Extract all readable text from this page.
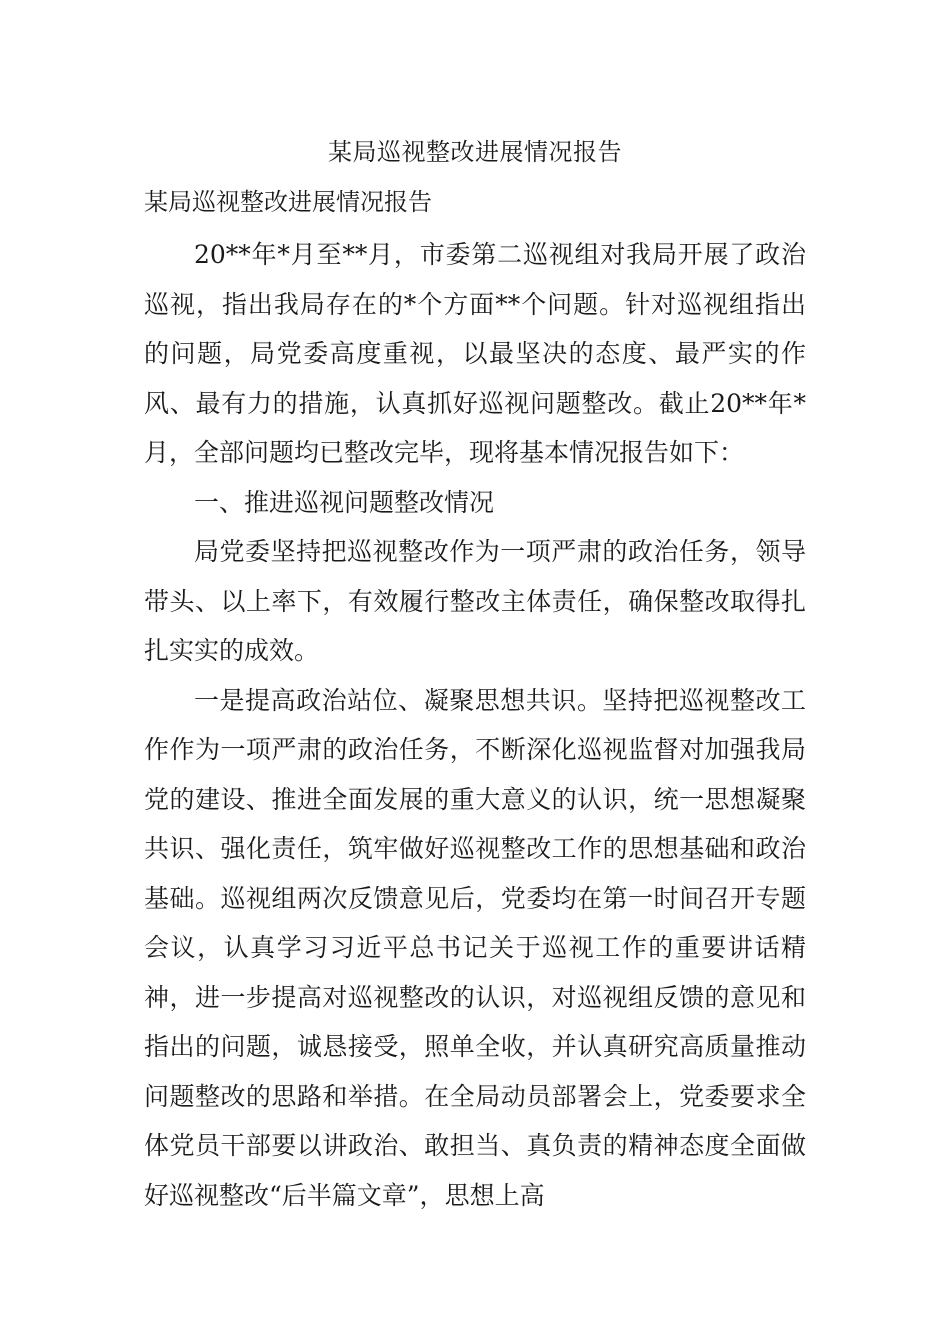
某局巡视整改进展情况报告
某局巡视整改进展情况报告

20**年*月至**月，市委第二巡视组对我局开展了政治巡视，指出我局存在的*个方面**个问题。针对巡视组指出的问题，局党委高度重视，以最坚决的态度、最严实的作风、最有力的措施，认真抓好巡视问题整改。截止20**年*月，全部问题均已整改完毕，现将基本情况报告如下：

一、推进巡视问题整改情况

局党委坚持把巡视整改作为一项严肃的政治任务，领导带头、以上率下，有效履行整改主体责任，确保整改取得扎扎实实的成效。

一是提高政治站位、凝聚思想共识。坚持把巡视整改工作作为一项严肃的政治任务，不断深化巡视监督对加强我局党的建设、推进全面发展的重大意义的认识，统一思想凝聚共识、强化责任，筑牢做好巡视整改工作的思想基础和政治基础。巡视组两次反馈意见后，党委均在第一时间召开专题会议，认真学习习近平总书记关于巡视工作的重要讲话精神，进一步提高对巡视整改的认识，对巡视组反馈的意见和指出的问题，诚恳接受，照单全收，并认真研究高质量推动问题整改的思路和举措。在全局动员部署会上，党委要求全体党员干部要以讲政治、敢担当、真负责的精神态度全面做好巡视整改“后半篇文章”，思想上高
